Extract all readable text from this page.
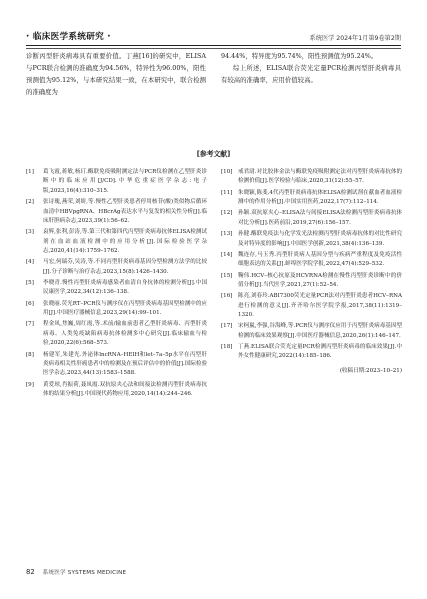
· 临床医学系统研究 ·	系统医学 2024年1月第9卷第2期

诊断丙型肝炎病毒具有重要价值。丁燕[16]的研究中，ELISA与PCR联合检测的准确度为94.56%，特异性为96.00%，阳性预测值为95.12%，与本研究结果一致，在本研究中，联合检测的准确度为

94.44%，特异度为95.74%，阳性预测值为95.24%。

综上所述，ELISA联合荧光定量PCR检测丙型肝炎病毒具有较高的准确率，应用价值较高。

[参考文献]
[1]	葛飞霞,蒋敏,杨玎.酶联免疫吸附测定法与PCR仪检测在乙型肝炎诊断中的临床应用[J/CD].中华危重症医学杂志:电子版,2023,16(4):310–315.
[2]	张诗瑰,燕荣,刘娇,等.慢性乙型肝炎患者停用核苷(酸)类似物后循环血清中HBVpgRNA、HBcrAg表达水平与复发的相关性分析[J].临床肝胆病杂志,2023,39(1):56–62.
[3]	袁辉,张利,彭涛,等.第三代和第四代丙型肝炎病毒抗体ELISA检测试剂在血站血液检测中的应用分析[J].国际检验医学杂志,2020,41(14):1759–1762.
[4]	马宏,何瑞芬,吴涛,等.不同丙型肝炎病毒基因分型检测方法学的比较[J].分子诊断与治疗杂志,2023,15(8):1426–1430.
[5]	李晓青.慢性丙型肝炎病毒感染者血清自身抗体的检测分析[J].中国民康医学,2022,34(12):136–138.
[6]	张晓丽.荧光RT–PCR仪与测序仪在丙型肝炎病毒基因型检测中的应用[J].中国医疗器械信息,2023,29(14):99–101.
[7]	程金凤,焦巍,周红霞,等.术前/输血前患者乙型肝炎病毒、丙型肝炎病毒、人类免疫缺陷病毒抗体检测多中心研究[J].临床输血与检验,2020,22(6):568–573.
[8]	杨建军,朱建光.外泌体lncRNA–HEIH和let–7a–5p水平在丙型肝炎病毒相关性肝癌患者中的检测及在预后评估中的价值[J].国际检验医学杂志,2023,44(13):1583–1588.
[9]	黄爱琼,肖振荷,聂凤霞.双抗原夹心法和间接法检测丙型肝炎病毒抗体的结果分析[J].中国现代药物应用,2020,14(14):244–246.
[10]	戒君尉.对比胶体金法与酶联免疫吸附测定法对丙型肝炎病毒抗体的检测价值[J].医学检验与临床,2020,31(12):55–57.
[11]	朱晓颖,陈斐.4代丙型肝炎病毒抗体ELISA检测试剂在献血者血液检测中的作用分析[J].中国实用医药,2022,17(7):112–114.
[12]	孙颖.双抗原夹心–ELISA法与间接ELISA法检测丙型肝炎病毒抗体对比分析[J].医药前沿,2019,27(6):156–157.
[13]	孙健.酶联免疫法与化学发光法检测丙型肝炎病毒抗体的对比性研究及对特异度的影响[J].中国医学创新,2021,38(4):136–139.
[14]	魏连存,马玉秀.丙型肝炎病人基因分型与疾病严重程度及免疫活性细胞表达的关系[J].蚌埠医学院学报,2022,47(4):529–532.
[15]	鞠伟.HCV–核心抗原及HCVRNA检测在慢性丙型肝炎诊断中的价值分析[J].当代医学,2021,27(1):52–54.
[16]	陈亮,刘春玲.ABI7300荧光定量PCR法对丙型肝炎患者HCV–RNA进行检测的意义[J].齐齐哈尔医学院学报,2017,38(11):1319–1320.
[17]	宋柯嵐,李强,谷海峰,等.PCR仪与测序仪应用于丙型肝炎病毒基因型检测的临床效果观察[J].中国医疗器械信息,2020,26(1):146–147.
[18]	丁燕.ELISA联合荧光定量PCR检测丙型肝炎病毒的临床效果[J].中外女性健康研究,2022(14):185–186.
(收稿日期:2023–10–21)
82 系统医学 SYSTEMS MEDICINE
